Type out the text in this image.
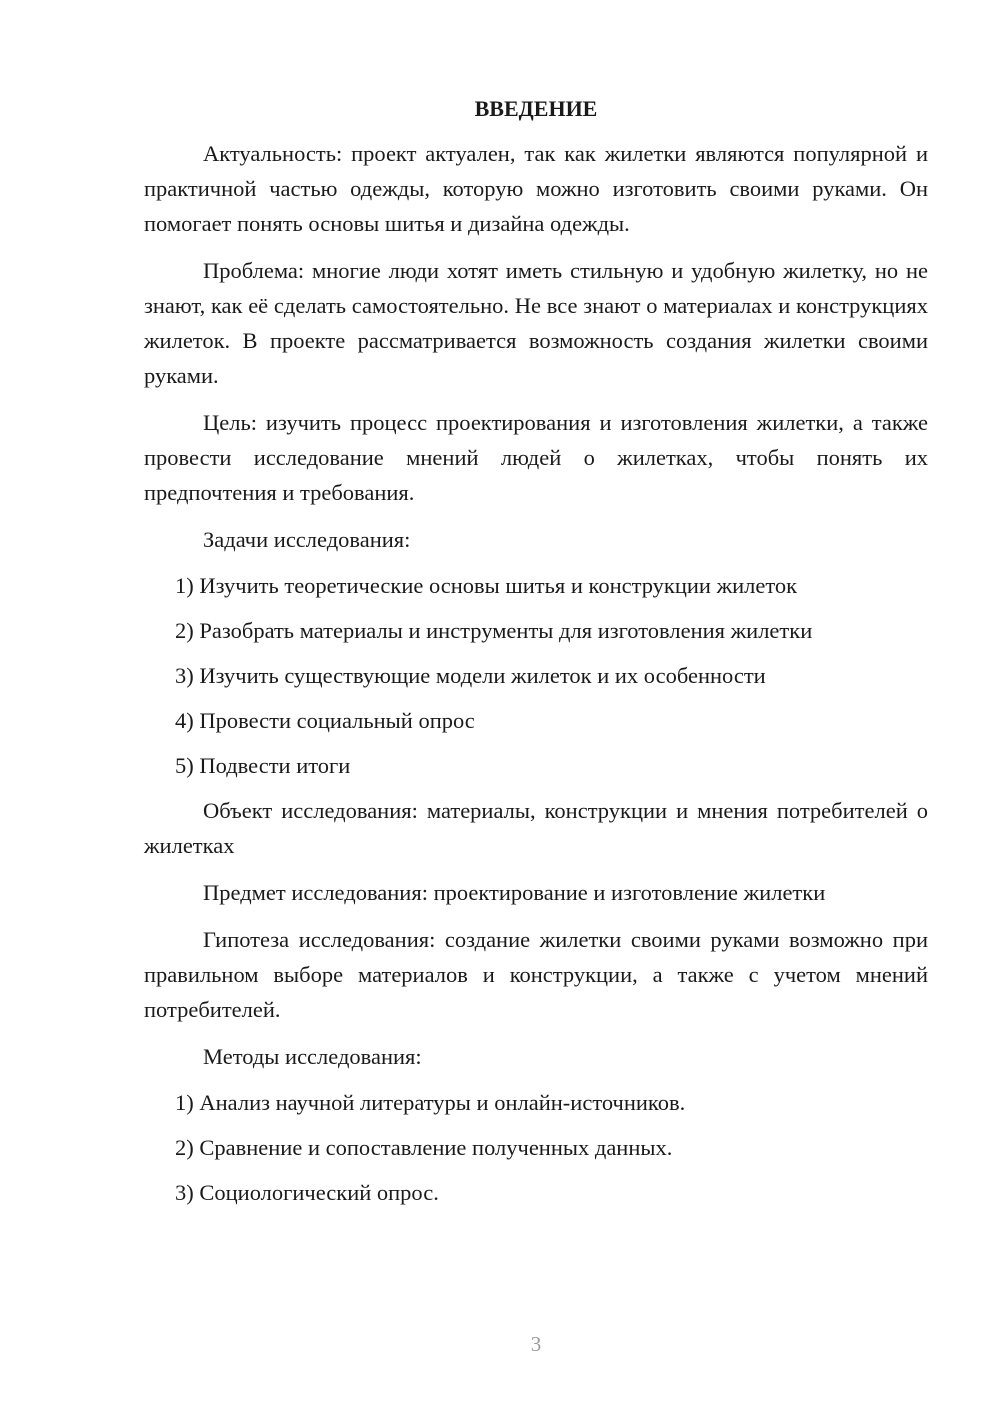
ВВЕДЕНИЕ

Актуальность: проект актуален, так как жилетки являются популярной и практичной частью одежды, которую можно изготовить своими руками. Он помогает понять основы шитья и дизайна одежды.

Проблема: многие люди хотят иметь стильную и удобную жилетку, но не знают, как её сделать самостоятельно. Не все знают о материалах и конструкциях жилеток. В проекте рассматривается возможность создания жилетки своими руками.

Цель: изучить процесс проектирования и изготовления жилетки, а также провести исследование мнений людей о жилетках, чтобы понять их предпочтения и требования.

Задачи исследования:
1) Изучить теоретические основы шитья и конструкции жилеток
2) Разобрать материалы и инструменты для изготовления жилетки
3) Изучить существующие модели жилеток и их особенности
4) Провести социальный опрос
5) Подвести итоги

Объект исследования: материалы, конструкции и мнения потребителей о жилетках

Предмет исследования: проектирование и изготовление жилетки

Гипотеза исследования: создание жилетки своими руками возможно при правильном выборе материалов и конструкции, а также с учетом мнений потребителей.

Методы исследования:
1) Анализ научной литературы и онлайн-источников.
2) Сравнение и сопоставление полученных данных.
3) Социологический опрос.
3
